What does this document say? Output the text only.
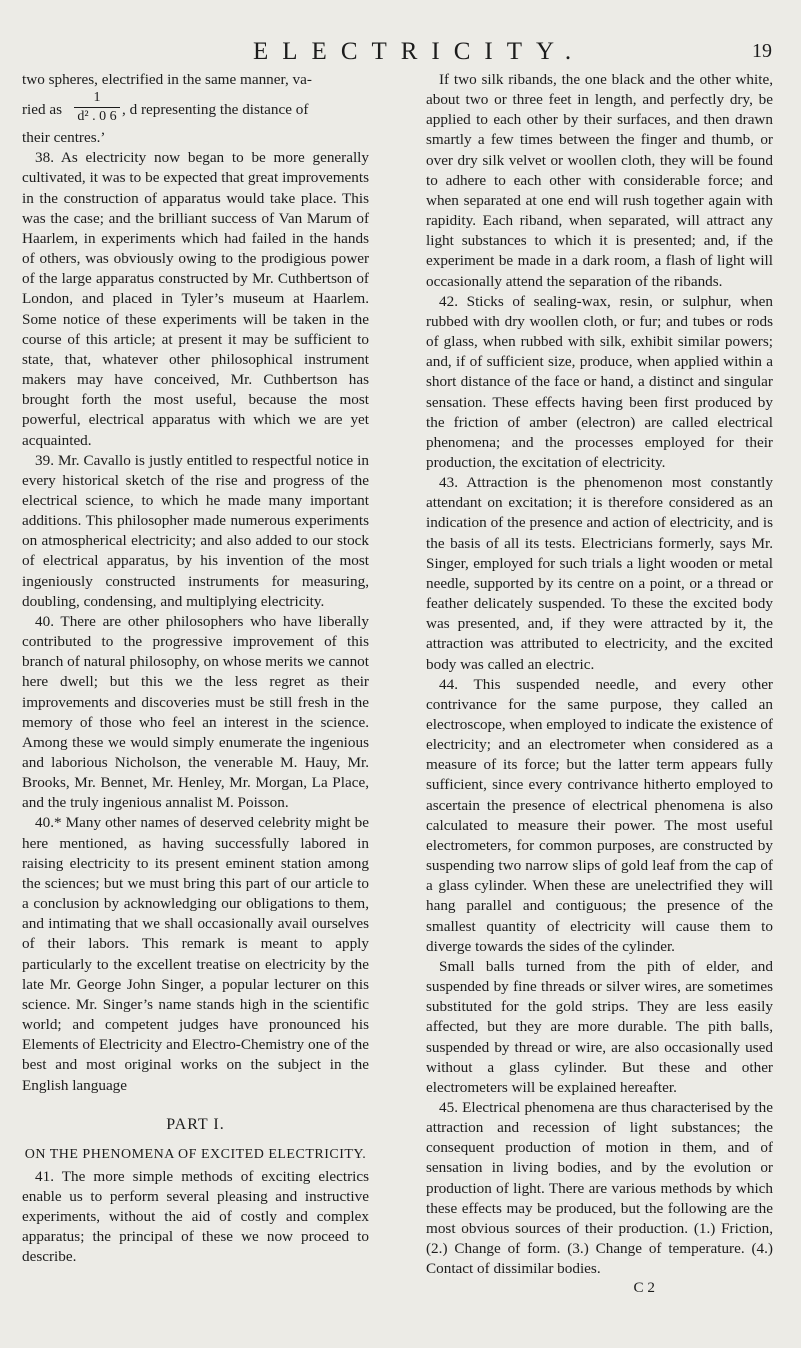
ELECTRICITY.	19

two spheres, electrified in the same manner, va-

ried as
1
d² . 0 6 , d representing the distance of

their centres.’

38. As electricity now began to be more generally cultivated, it was to be expected that great improvements in the construction of apparatus would take place. This was the case; and the brilliant success of Van Marum of Haarlem, in experiments which had failed in the hands of others, was obviously owing to the prodigious power of the large apparatus constructed by Mr. Cuthbertson of London, and placed in Tyler’s museum at Haarlem. Some notice of these experiments will be taken in the course of this article; at present it may be sufficient to state, that, whatever other philosophical instrument makers may have conceived, Mr. Cuthbertson has brought forth the most useful, because the most powerful, electrical apparatus with which we are yet acquainted.

39. Mr. Cavallo is justly entitled to respectful notice in every historical sketch of the rise and progress of the electrical science, to which he made many important additions. This philosopher made numerous experiments on atmospherical electricity; and also added to our stock of electrical apparatus, by his invention of the most ingeniously constructed instruments for measuring, doubling, condensing, and multiplying electricity.

40. There are other philosophers who have liberally contributed to the progressive improvement of this branch of natural philosophy, on whose merits we cannot here dwell; but this we the less regret as their improvements and discoveries must be still fresh in the memory of those who feel an interest in the science. Among these we would simply enumerate the ingenious and laborious Nicholson, the venerable M. Hauy, Mr. Brooks, Mr. Bennet, Mr. Henley, Mr. Morgan, La Place, and the truly ingenious annalist M. Poisson.

40.* Many other names of deserved celebrity might be here mentioned, as having successfully labored in raising electricity to its present eminent station among the sciences; but we must bring this part of our article to a conclusion by acknowledging our obligations to them, and intimating that we shall occasionally avail ourselves of their labors. This remark is meant to apply particularly to the excellent treatise on electricity by the late Mr. George John Singer, a popular lecturer on this science. Mr. Singer’s name stands high in the scientific world; and competent judges have pronounced his Elements of Electricity and Electro-Chemistry one of the best and most original works on the subject in the English language

PART I.
ON THE PHENOMENA OF EXCITED ELECTRICITY.

41. The more simple methods of exciting electrics enable us to perform several pleasing and instructive experiments, without the aid of costly and complex apparatus; the principal of these we now proceed to describe.

If two silk ribands, the one black and the other white, about two or three feet in length, and perfectly dry, be applied to each other by their surfaces, and then drawn smartly a few times between the finger and thumb, or over dry silk velvet or woollen cloth, they will be found to adhere to each other with considerable force; and when separated at one end will rush together again with rapidity. Each riband, when separated, will attract any light substances to which it is presented; and, if the experiment be made in a dark room, a flash of light will occasionally attend the separation of the ribands.

42. Sticks of sealing-wax, resin, or sulphur, when rubbed with dry woollen cloth, or fur; and tubes or rods of glass, when rubbed with silk, exhibit similar powers; and, if of sufficient size, produce, when applied within a short distance of the face or hand, a distinct and singular sensation. These effects having been first produced by the friction of amber (electron) are called electrical phenomena; and the processes employed for their production, the excitation of electricity.

43. Attraction is the phenomenon most constantly attendant on excitation; it is therefore considered as an indication of the presence and action of electricity, and is the basis of all its tests. Electricians formerly, says Mr. Singer, employed for such trials a light wooden or metal needle, supported by its centre on a point, or a thread or feather delicately suspended. To these the excited body was presented, and, if they were attracted by it, the attraction was attributed to electricity, and the excited body was called an electric.

44. This suspended needle, and every other contrivance for the same purpose, they called an electroscope, when employed to indicate the existence of electricity; and an electrometer when considered as a measure of its force; but the latter term appears fully sufficient, since every contrivance hitherto employed to ascertain the presence of electrical phenomena is also calculated to measure their power. The most useful electrometers, for common purposes, are constructed by suspending two narrow slips of gold leaf from the cap of a glass cylinder. When these are unelectrified they will hang parallel and contiguous; the presence of the smallest quantity of electricity will cause them to diverge towards the sides of the cylinder.

Small balls turned from the pith of elder, and suspended by fine threads or silver wires, are sometimes substituted for the gold strips. They are less easily affected, but they are more durable. The pith balls, suspended by thread or wire, are also occasionally used without a glass cylinder. But these and other electrometers will be explained hereafter.

45. Electrical phenomena are thus characterised by the attraction and recession of light substances; the consequent production of motion in them, and of sensation in living bodies, and by the evolution or production of light. There are various methods by which these effects may be produced, but the following are the most obvious sources of their production. (1.) Friction, (2.) Change of form. (3.) Change of temperature. (4.) Contact of dissimilar bodies.

C 2
